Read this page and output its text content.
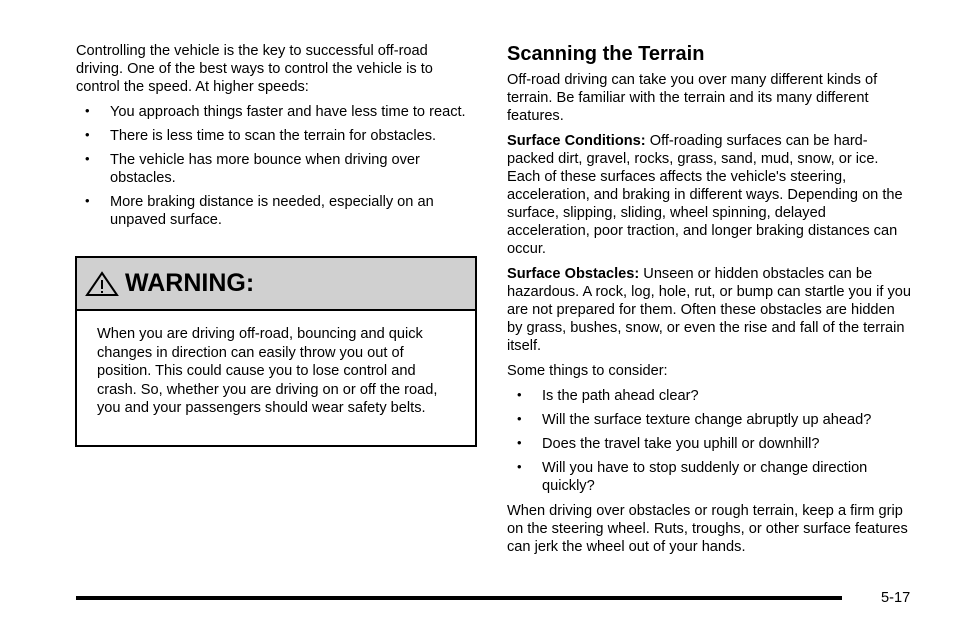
Controlling the vehicle is the key to successful off-road driving. One of the best ways to control the vehicle is to control the speed. At higher speeds:

• You approach things faster and have less time to react.
• There is less time to scan the terrain for obstacles.
• The vehicle has more bounce when driving over obstacles.
• More braking distance is needed, especially on an unpaved surface.
WARNING:
When you are driving off-road, bouncing and quick changes in direction can easily throw you out of position. This could cause you to lose control and crash. So, whether you are driving on or off the road, you and your passengers should wear safety belts.
Scanning the Terrain

Off-road driving can take you over many different kinds of terrain. Be familiar with the terrain and its many different features.

Surface Conditions: Off-roading surfaces can be hard-packed dirt, gravel, rocks, grass, sand, mud, snow, or ice. Each of these surfaces affects the vehicle's steering, acceleration, and braking in different ways. Depending on the surface, slipping, sliding, wheel spinning, delayed acceleration, poor traction, and longer braking distances can occur.

Surface Obstacles: Unseen or hidden obstacles can be hazardous. A rock, log, hole, rut, or bump can startle you if you are not prepared for them. Often these obstacles are hidden by grass, bushes, snow, or even the rise and fall of the terrain itself.

Some things to consider:

• Is the path ahead clear?
• Will the surface texture change abruptly up ahead?
• Does the travel take you uphill or downhill?
• Will you have to stop suddenly or change direction quickly?

When driving over obstacles or rough terrain, keep a firm grip on the steering wheel. Ruts, troughs, or other surface features can jerk the wheel out of your hands.

5-17
